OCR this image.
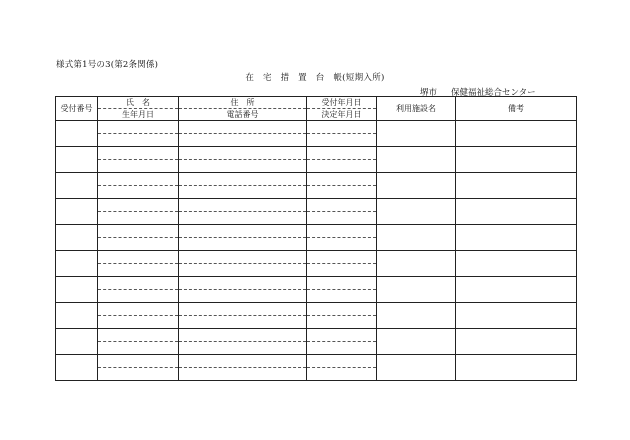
様式第1号の3(第2条関係)
在　宅　措　置　台　帳(短期入所)
堺市 保健福祉総合センター
受付番号	氏　名	住　所	受付年月日	利用施設名	備考
	生年月日	電話番号	決定年月日		
